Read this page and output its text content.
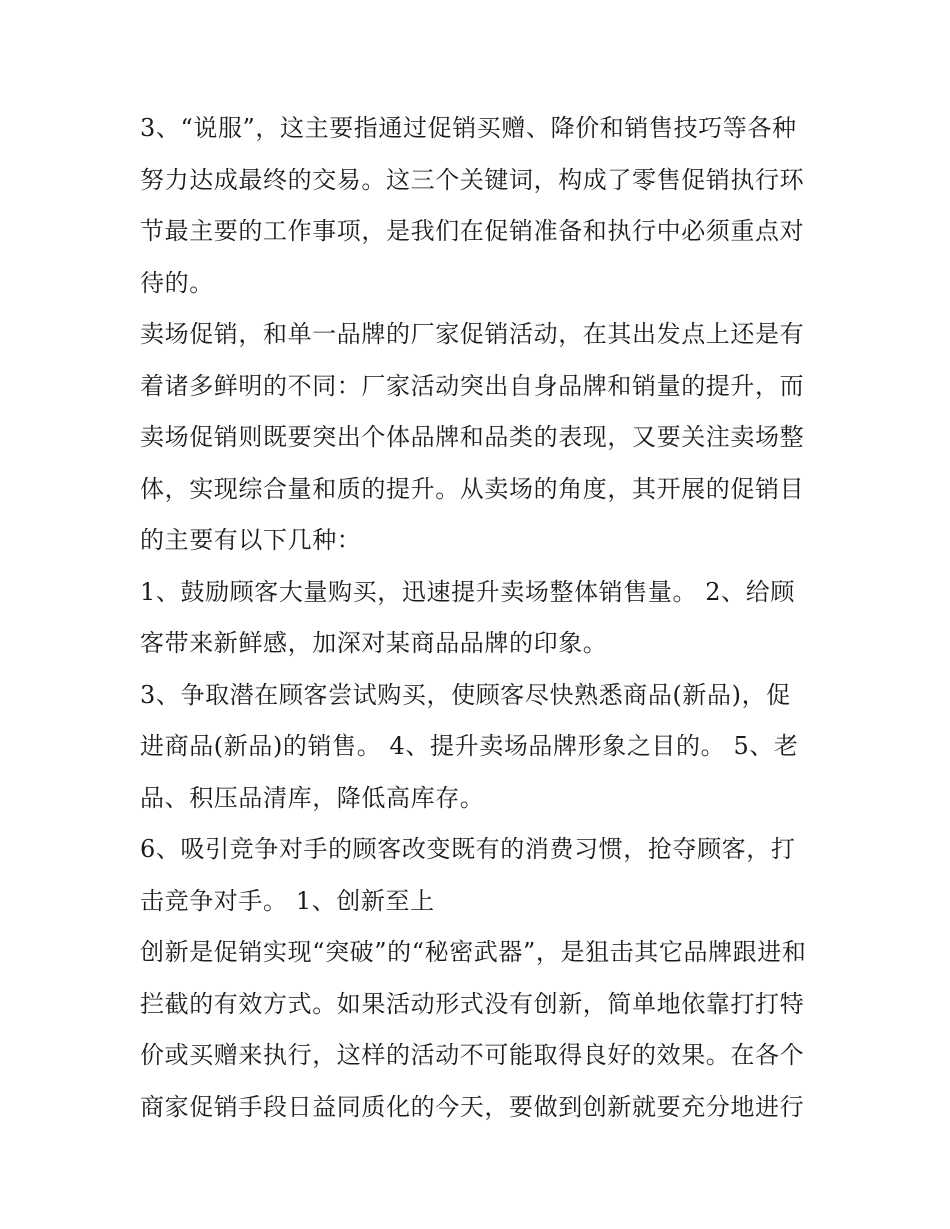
3、“说服”，这主要指通过促销买赠、降价和销售技巧等各种
努力达成最终的交易。这三个关键词，构成了零售促销执行环
节最主要的工作事项，是我们在促销准备和执行中必须重点对
待的。
卖场促销，和单一品牌的厂家促销活动，在其出发点上还是有
着诸多鲜明的不同：厂家活动突出自身品牌和销量的提升，而
卖场促销则既要突出个体品牌和品类的表现，又要关注卖场整
体，实现综合量和质的提升。从卖场的角度，其开展的促销目
的主要有以下几种：
1、鼓励顾客大量购买，迅速提升卖场整体销售量。 2、给顾
客带来新鲜感，加深对某商品品牌的印象。
3、争取潜在顾客尝试购买，使顾客尽快熟悉商品(新品)，促
进商品(新品)的销售。 4、提升卖场品牌形象之目的。 5、老
品、积压品清库，降低高库存。
6、吸引竞争对手的顾客改变既有的消费习惯，抢夺顾客，打
击竞争对手。 1、创新至上
创新是促销实现“突破”的“秘密武器”，是狙击其它品牌跟进和
拦截的有效方式。如果活动形式没有创新，简单地依靠打打特
价或买赠来执行，这样的活动不可能取得良好的效果。在各个
商家促销手段日益同质化的今天，要做到创新就要充分地进行
